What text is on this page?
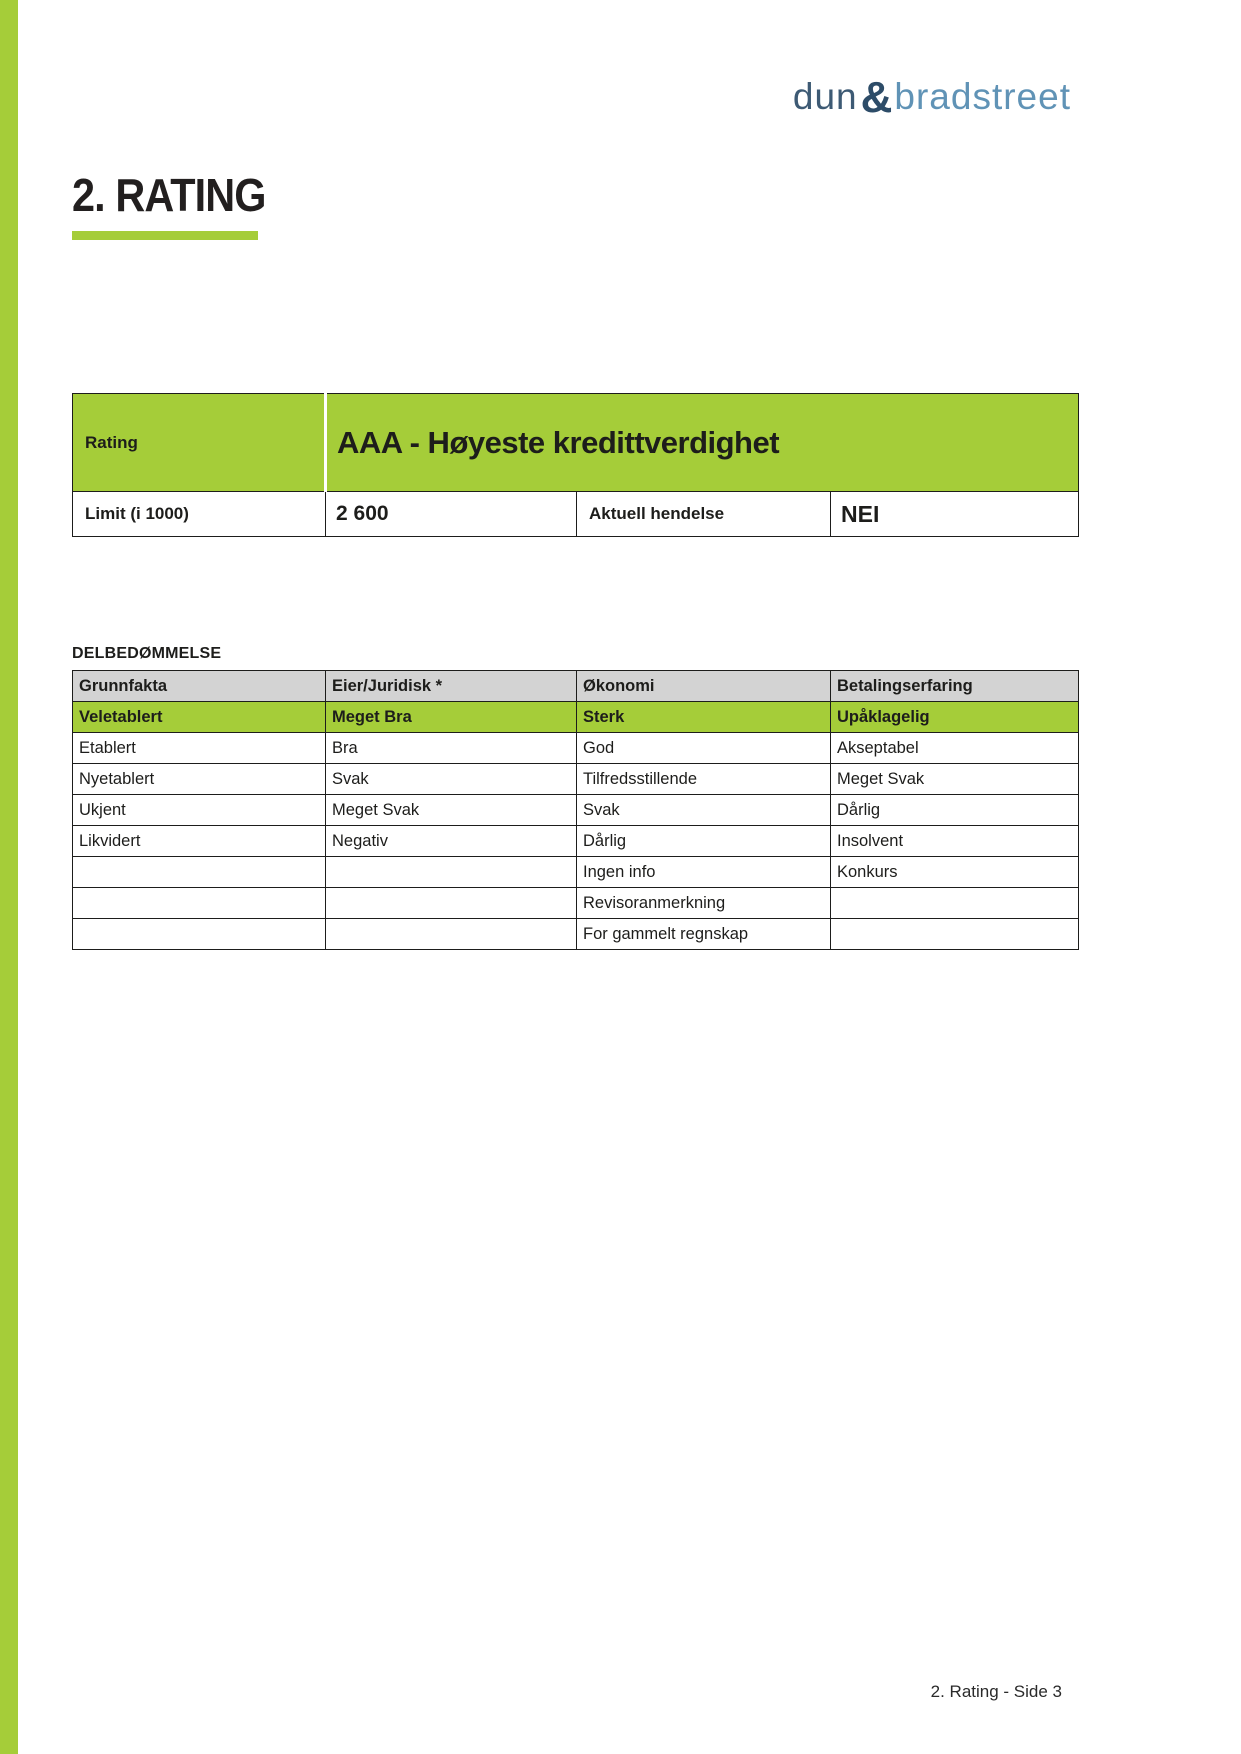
dun&bradstreet
2. RATING
Rating	AAA - Høyeste kredittverdighet		
Limit (i 1000)	2 600	Aktuell hendelse	NEI
DELBEDØMMELSE
Grunnfakta	Eier/Juridisk *	Økonomi	Betalingserfaring
Veletablert	Meget Bra	Sterk	Upåklagelig
Etablert	Bra	God	Akseptabel
Nyetablert	Svak	Tilfredsstillende	Meget Svak
Ukjent	Meget Svak	Svak	Dårlig
Likvidert	Negativ	Dårlig	Insolvent
		Ingen info	Konkurs
		Revisoranmerkning	
		For gammelt regnskap	
2. Rating - Side 3
